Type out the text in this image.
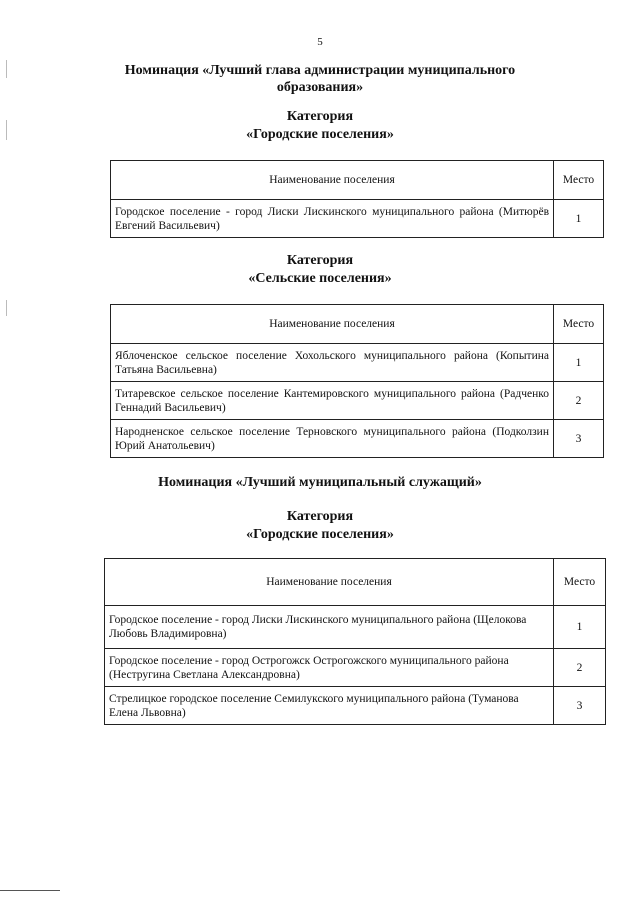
5
Номинация «Лучший глава администрации муниципального
образования»
Категория
«Городские поселения»
Наименование поселения	Место
Городское поселение - город Лиски Лискинского муниципального района (Митюрёв Евгений Васильевич)	1
Категория
«Сельские поселения»
Наименование поселения	Место
Яблоченское сельское поселение Хохольского муниципального района (Копытина Татьяна Васильевна)	1
Титаревское сельское поселение Кантемировского муниципального района (Радченко Геннадий Васильевич)	2
Народненское сельское поселение Терновского муниципального района (Подколзин Юрий Анатольевич)	3
Номинация «Лучший муниципальный служащий»
Категория
«Городские поселения»
Наименование поселения	Место
Городское поселение - город Лиски Лискинского муниципального района (Щелокова Любовь Владимировна)	1
Городское поселение - город Острогожск Острогожского муниципального района (Нестругина Светлана Александровна)	2
Стрелицкое городское поселение Семилукского муниципального района (Туманова Елена Львовна)	3
